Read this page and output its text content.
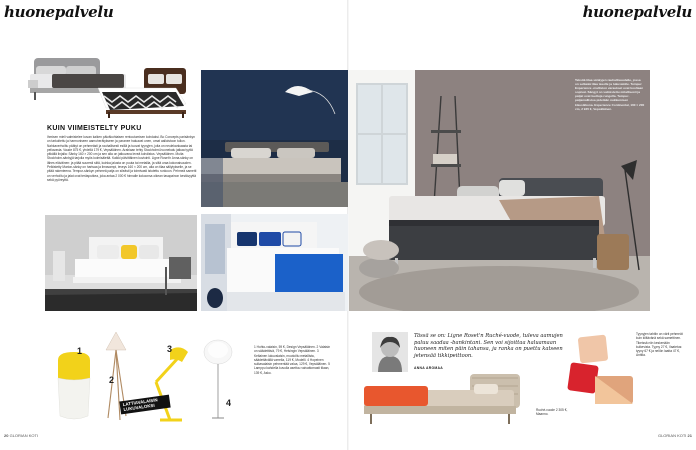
huonepalvelu	huonepalvelu
KUIN VIIMEISTELTY PUKU
Ihmisen mieli valmistelee kuvan kaiken päiväkohtaisen rentoutumisen kohdaksi. Bo Concepts parisänkyn on tarkoitettu ja harmoniseen aamuherätykseen ja paranee haluavat unen, omat aalloistoon tullun. Nahkaverhoiltu päätyt on pehmeästi ja rauhallisesti esillä ja tuovat tyynyjen, joita on neulekankaasta tai pellavasta. Vaude 875 €, yhdellä 179 €, Vepsäläinen. Arabiaan tehty Stockholmi-huonekalu jatkaa tyyliä pitkällä linjalla: Sänky 160 × 200 cm ja sen alla on jatkuvana leveä kohdistus. Vepsäläinen. Muita Stockholm-sänkyjä tarjolla myös kolmisäiettä. Kaikki päivittäinen kuviointi. Ligne Roset'n Anna-sänky on lähes eläväinen: ja pitää suuresti siitä, kuinka jalusta on puuta tai metallia, ja siitä uraa kokonaisuuden. Pelkistetty Marion-sänky on hartsaa ja ilmavampi, leveys 160 × 200 cm, alla on tilaa säilytykselle, ja se pitää rakenteena. Tempur-sänkyn pehmeä patja on sileästi ja toimivasti istutettu runkoon. Pehmeä sametti on verhoiltu ja jalat ovat teräsputkea, joka antaa 2 000 € hinnalle kokoonsa oikean tasapainon kestävyyttä sekä pyöreyttä.
Tekstiä tilaa sänkyjen rauhallisuudelle, jossa on selkeää tilaa tasolle ja lukuvalolle. Tempur Experience -malliston varaukset ovat kooltaan sopivat. Sängyt on valmistettu mitallisesti ja patjat ovat tuettuja rungolla. Tempur-patjamallistoa pidetään nukkumisen klassikkona. Experience Continental, 160 × 200 cm, 2 945 €, Vepsäläinen.
1
2
3
4
LATTIAVALAISIN LUKUVALOKSI
1 Hohto-valaisin, 59 €, Design Vepsäläinen. 2 Valaisin on säädettävä, 79 €, Helsingin Vepsäläinen. 3 Keltainen lukuvalaisin, muotoiltu metallista, säädettävällä varrella, 119 €, Modelli. 4 Hopeinen sulkavalaisin pehmentää valoa, 129 €, Vepsäläinen. 5 Lamppu kahdella kuvulla asettuu vaivattomasti tilaan, 139 €, Asko.
Tässä se on: Ligne Roset'n Ruché-vuode, tuleva aamujen paluu saadaa -bankintani. Sen voi sijoittaa haluamaan huoneen miten päin tahansa, ja ranka on puettu katseen jetensää tikkipeittoon.
ANNA AROMAA
Ruché-vuode 2 305 €, Maanno.
Tyynyjen tahtiin on värit pehmeät kuin kiiltävänä sekä samettinen. Tikeissä niin keskenään kulkevista. Tyyny 27 €, Vaatetus: tyyny 67 € ja neliön laatta 47 €, Anttila.
20 GLORIAN KOTI	GLORIAN KOTI 21
